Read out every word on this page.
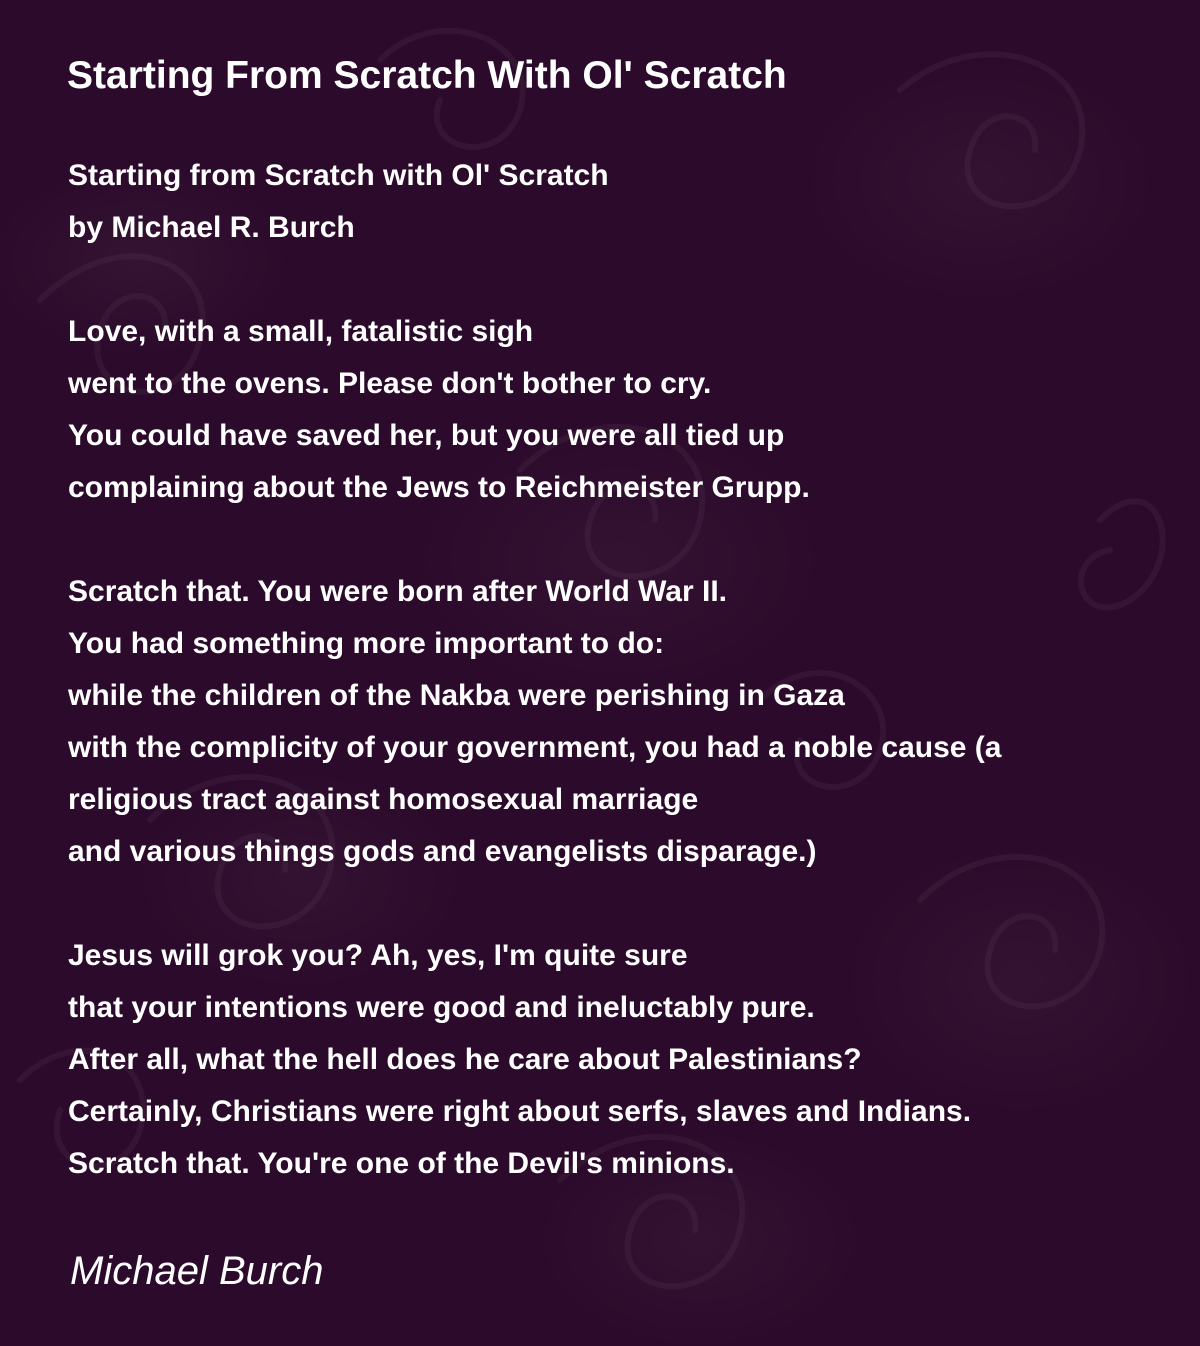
Starting From Scratch With Ol' Scratch
Starting from Scratch with Ol' Scratch
by Michael R. Burch
Love, with a small, fatalistic sigh
went to the ovens. Please don't bother to cry.
You could have saved her, but you were all tied up
complaining about the Jews to Reichmeister Grupp.
Scratch that. You were born after World War II.
You had something more important to do:
while the children of the Nakba were perishing in Gaza
with the complicity of your government, you had a noble cause (a
religious tract against homosexual marriage
and various things gods and evangelists disparage.)
Jesus will grok you? Ah, yes, I'm quite sure
that your intentions were good and ineluctably pure.
After all, what the hell does he care about Palestinians?
Certainly, Christians were right about serfs, slaves and Indians.
Scratch that. You're one of the Devil's minions.
Michael Burch
